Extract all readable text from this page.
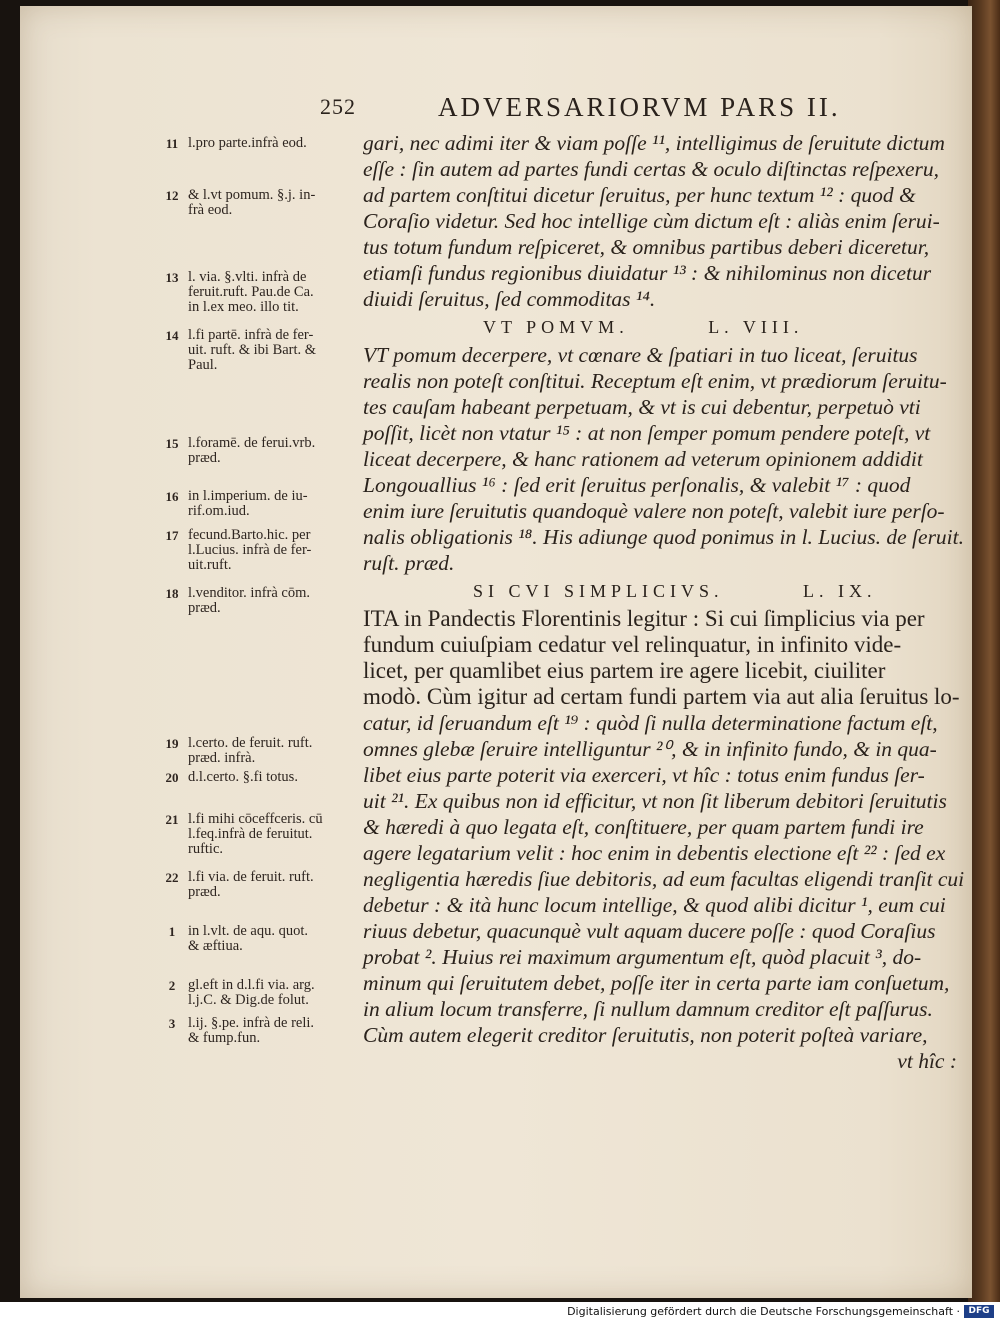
252	ADVERSARIORVM PARS II.
11 l.pro parte.infrà eod.
12 & l.vt pomum. §.j. in-
frà eod.
13 l. via. §.vlti. infrà de
feruit.ruft. Pau.de Ca.
in l.ex meo. illo tit.
14 l.fi partē. infrà de fer-
uit. ruft. & ibi Bart. &
Paul.
15 l.foramē. de ferui.vrb.
præd.
16 in l.imperium. de iu-
rif.om.iud.
17 fecund.Barto.hic. per
l.Lucius. infrà de fer-
uit.ruft.
18 l.venditor. infrà cōm.
præd.
19 l.certo. de feruit. ruft.
præd. infrà.
20 d.l.certo. §.fi totus.
21 l.fi mihi cōceffceris. cū
l.feq.infrà de feruitut.
ruftic.
22 l.fi via. de feruit. ruft.
præd.
1 in l.vlt. de aqu. quot.
& æftiua.
2 gl.eft in d.l.fi via. arg.
l.j.C. & Dig.de folut.
3 l.ij. §.pe. infrà de reli.
& fump.fun.
gari, nec adimi iter & viam poſſe ¹¹, intelligimus de ſeruitute dictum
eſſe : ſin autem ad partes fundi certas & oculo diſtinctas reſpexeru,
ad partem conſtitui dicetur ſeruitus, per hunc textum ¹² : quod &
Coraſio videtur. Sed hoc intellige cùm dictum eſt : aliàs enim ſerui-
tus totum fundum reſpiceret, & omnibus partibus deberi diceretur,
etiamſi fundus regionibus diuidatur ¹³ : & nihilominus non dicetur
diuidi ſeruitus, ſed commoditas ¹⁴.
VT POMVM.	L. VIII.
VT pomum decerpere, vt cœnare & ſpatiari in tuo liceat, ſeruitus
realis non poteſt conſtitui. Receptum eſt enim, vt prædiorum ſeruitu-
tes cauſam habeant perpetuam, & vt is cui debentur, perpetuò vti
poſſit, licèt non vtatur ¹⁵ : at non ſemper pomum pendere poteſt, vt
liceat decerpere, & hanc rationem ad veterum opinionem addidit
Longouallius ¹⁶ : ſed erit ſeruitus perſonalis, & valebit ¹⁷ : quod
enim iure ſeruitutis quandoquè valere non poteſt, valebit iure perſo-
nalis obligationis ¹⁸. His adiunge quod ponimus in l. Lucius. de ſeruit.
ruſt. præd.
SI CVI SIMPLICIVS.	L. IX.
ITA in Pandectis Florentinis legitur : Si cui ſimplicius via per
fundum cuiuſpiam cedatur vel relinquatur, in infinito vide-
licet, per quamlibet eius partem ire agere licebit, ciuiliter
modò. Cùm igitur ad certam fundi partem via aut alia ſeruitus lo-
catur, id ſeruandum eſt ¹⁹ : quòd ſi nulla determinatione factum eſt,
omnes glebæ ſeruire intelliguntur ²⁰, & in infinito fundo, & in qua-
libet eius parte poterit via exerceri, vt hîc : totus enim fundus ſer-
uit ²¹. Ex quibus non id efficitur, vt non ſit liberum debitori ſeruitutis
& hæredi à quo legata eſt, conſtituere, per quam partem fundi ire
agere legatarium velit : hoc enim in debentis electione eſt ²² : ſed ex
negligentia hæredis ſiue debitoris, ad eum facultas eligendi tranſit cui
debetur : & ità hunc locum intellige, & quod alibi dicitur ¹, eum cui
riuus debetur, quacunquè vult aquam ducere poſſe : quod Coraſius
probat ². Huius rei maximum argumentum eſt, quòd placuit ³, do-
minum qui ſeruitutem debet, poſſe iter in certa parte iam conſuetum,
in alium locum transferre, ſi nullum damnum creditor eſt paſſurus.
Cùm autem elegerit creditor ſeruitutis, non poterit poſteà variare,
vt hîc :
Digitalisierung gefördert durch die Deutsche Forschungsgemeinschaft · DFG
